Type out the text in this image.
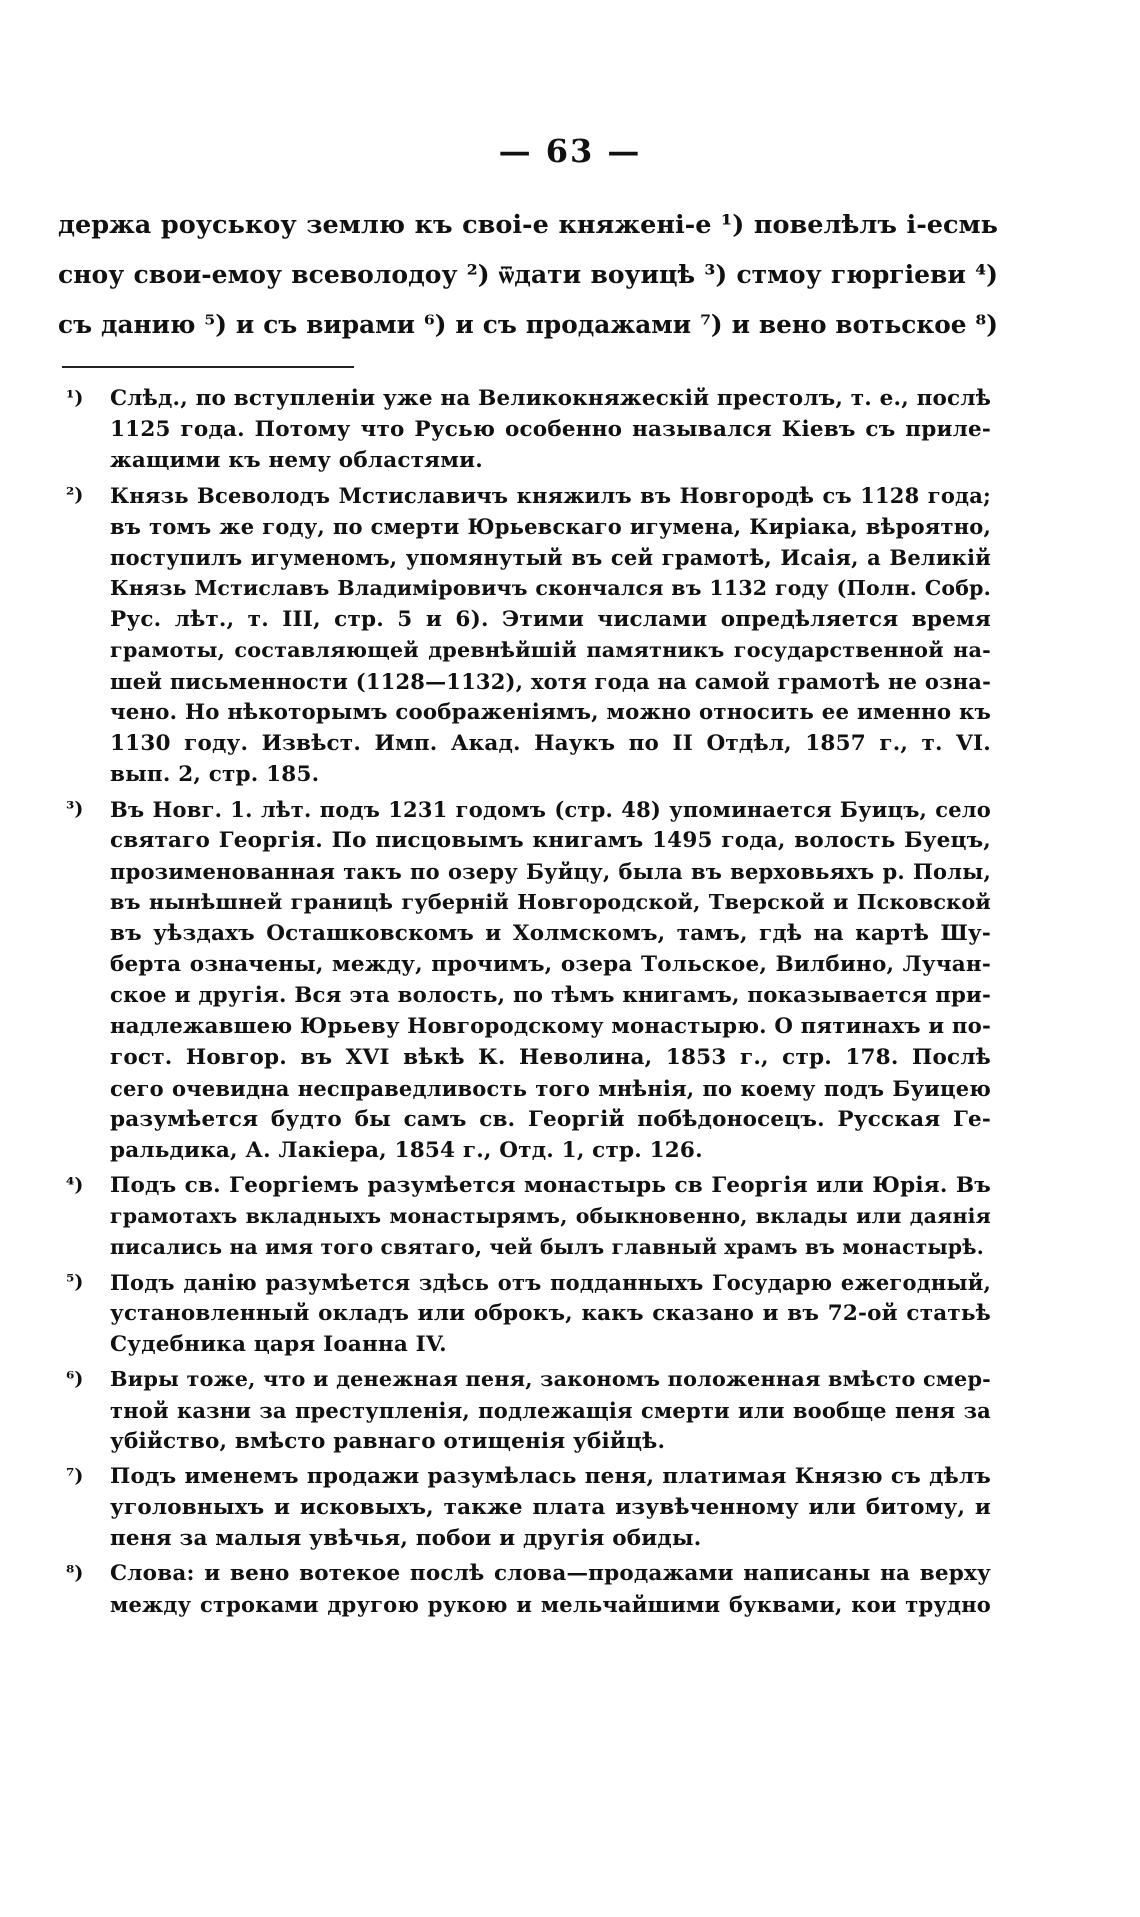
— 63 —
держа роуськоу землю къ своі-е княженi-е ¹) повелѣлъ i-есмь
сноу свои-емоу всеволодоу ²) ѿдати воуицѣ ³) стмоу гюргiеви ⁴)
съ данию ⁵) и съ вирами ⁶) и съ продажами ⁷) и вено вотьское ⁸)
¹) Слѣд., по вступленiи уже на Великокняжескiй престолъ, т. е., послѣ
1125 года. Потому что Русью особенно назывался Кiевъ съ прилe-
жащими къ нему областями.
²) Князь Всеволодъ Мстиславичъ княжилъ въ Новгородѣ съ 1128 года;
въ томъ же году, по смерти Юрьевскаго игумена, Кирiака, вѣроятно,
поступилъ игуменомъ, упомянутый въ сей грамотѣ, Исаiя, а Великiй
Князь Мстиславъ Владимiровичъ скончался въ 1132 году (Полн. Собр.
Рус. лѣт., т. III, стр. 5 и 6). Этими числами опредѣляется время
грамоты, составляющей древнѣйшiй памятникъ государственной на-
шей письменности (1128—1132), хотя года на самой грамотѣ не озна-
чено. Но нѣкоторымъ соображенiямъ, можно относить ее именно къ
1130 году. Извѣст. Имп. Акад. Наукъ по II Отдѣл, 1857 г., т. VI.
вып. 2, стр. 185.
³) Въ Новг. 1. лѣт. подъ 1231 годомъ (стр. 48) упоминается Буицъ, село
святаго Георгiя. По писцовымъ книгамъ 1495 года, волость Буецъ,
прозименованная такъ по озеру Буйцу, была въ верховьяхъ р. Полы,
въ нынѣшней границѣ губернiй Новгородской, Тверской и Псковской
въ уѣздахъ Осташковскомъ и Холмскомъ, тамъ, гдѣ на картѣ Шу-
берта означены, между, прочимъ, озера Тольское, Вилбино, Лучан-
ское и другiя. Вся эта волость, по тѣмъ книгамъ, показывается при-
надлежавшею Юрьеву Новгородскому монастырю. О пятинахъ и по-
гост. Новгор. въ XVI вѣкѣ К. Неволина, 1853 г., стр. 178. Послѣ
сего очевидна несправедливость того мнѣнiя, по коему подъ Буицею
разумѣется будто бы самъ св. Георгiй побѣдоносецъ. Русская Ге-
ральдика, А. Лакiера, 1854 г., Отд. 1, стр. 126.
⁴) Подъ св. Георгiемъ разумѣется монастырь св Георгiя или Юрiя. Въ
грамотахъ вкладныхъ монастырямъ, обыкновенно, вклады или даянiя
писались на имя того святаго, чей былъ главный храмъ въ монастырѣ.
⁵) Подъ данiю разумѣется здѣсь отъ подданныхъ Государю ежегодный,
установленный окладъ или оброкъ, какъ сказано и въ 72-ой статьѣ
Судебника царя Iоанна IV.
⁶) Виры тоже, что и денежная пеня, закономъ положенная вмѣсто смер-
тной казни за преступленiя, подлежащiя смерти или вообще пеня за
убiйство, вмѣсто равнаго отищенiя убiйцѣ.
⁷) Подъ именемъ продажи разумѣлась пеня, платимая Князю съ дѣлъ
уголовныхъ и исковыхъ, также плата изувѣченному или битому, и
пеня за малыя увѣчья, побои и другiя обиды.
⁸) Слова: и вено вотекое послѣ слова—продажами написаны на верху
между строками другою рукою и мельчайшими буквами, кои трудно
